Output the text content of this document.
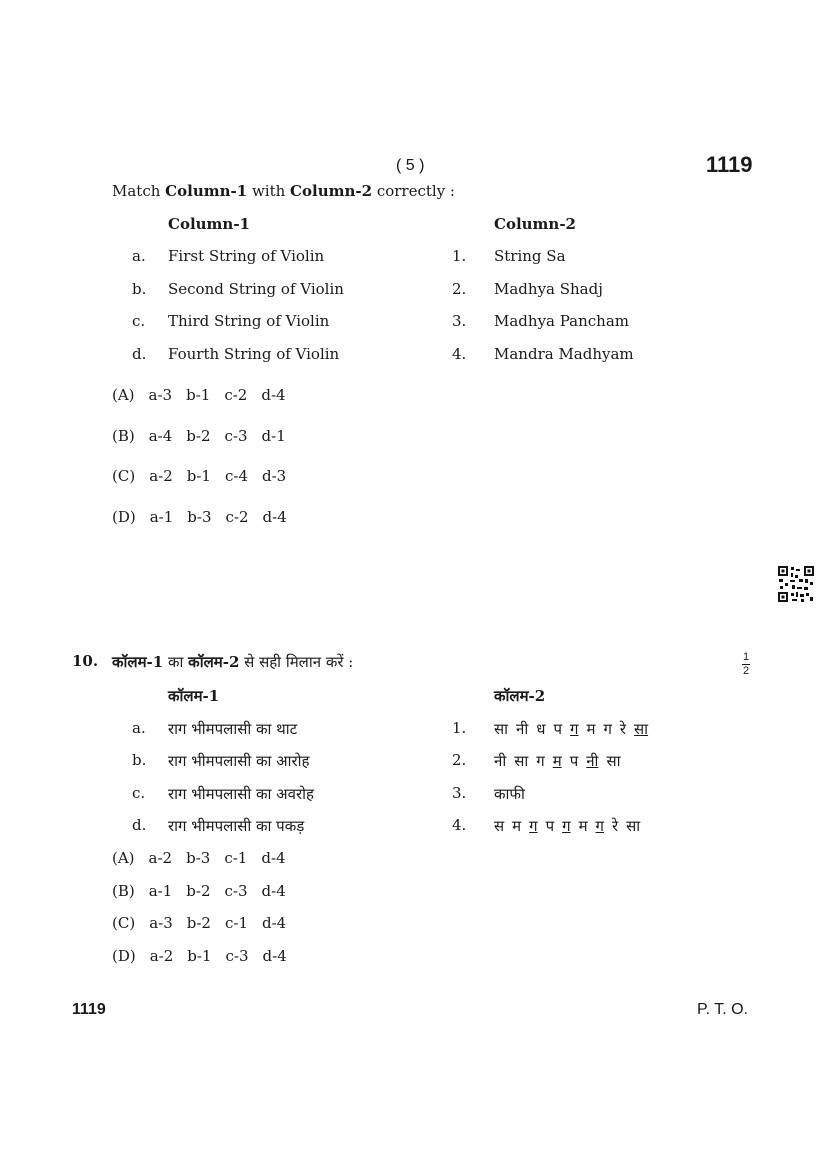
( 5 )	1119
Match Column-1 with Column-2 correctly :
Column-1	Column-2
a. First String of Violin	1. String Sa
b. Second String of Violin	2. Madhya Shadj
c. Third String of Violin	3. Madhya Pancham
d. Fourth String of Violin	4. Mandra Madhyam
(A) a-3 b-1 c-2 d-4
(B) a-4 b-2 c-3 d-1
(C) a-2 b-1 c-4 d-3
(D) a-1 b-3 c-2 d-4
10. कॉलम-1 का कॉलम-2 से सही मिलान करें :	1
2
कॉलम-1	कॉलम-2
a. राग भीमपलासी का थाट	1. सा नी ध प ग म ग रे सा
b. राग भीमपलासी का आरोह	2. नी सा ग म प नी सा
c. राग भीमपलासी का अवरोह	3. काफी
d. राग भीमपलासी का पकड़	4. स म ग प ग म ग रे सा
(A) a-2 b-3 c-1 d-4
(B) a-1 b-2 c-3 d-4
(C) a-3 b-2 c-1 d-4
(D) a-2 b-1 c-3 d-4
1119	P. T. O.
